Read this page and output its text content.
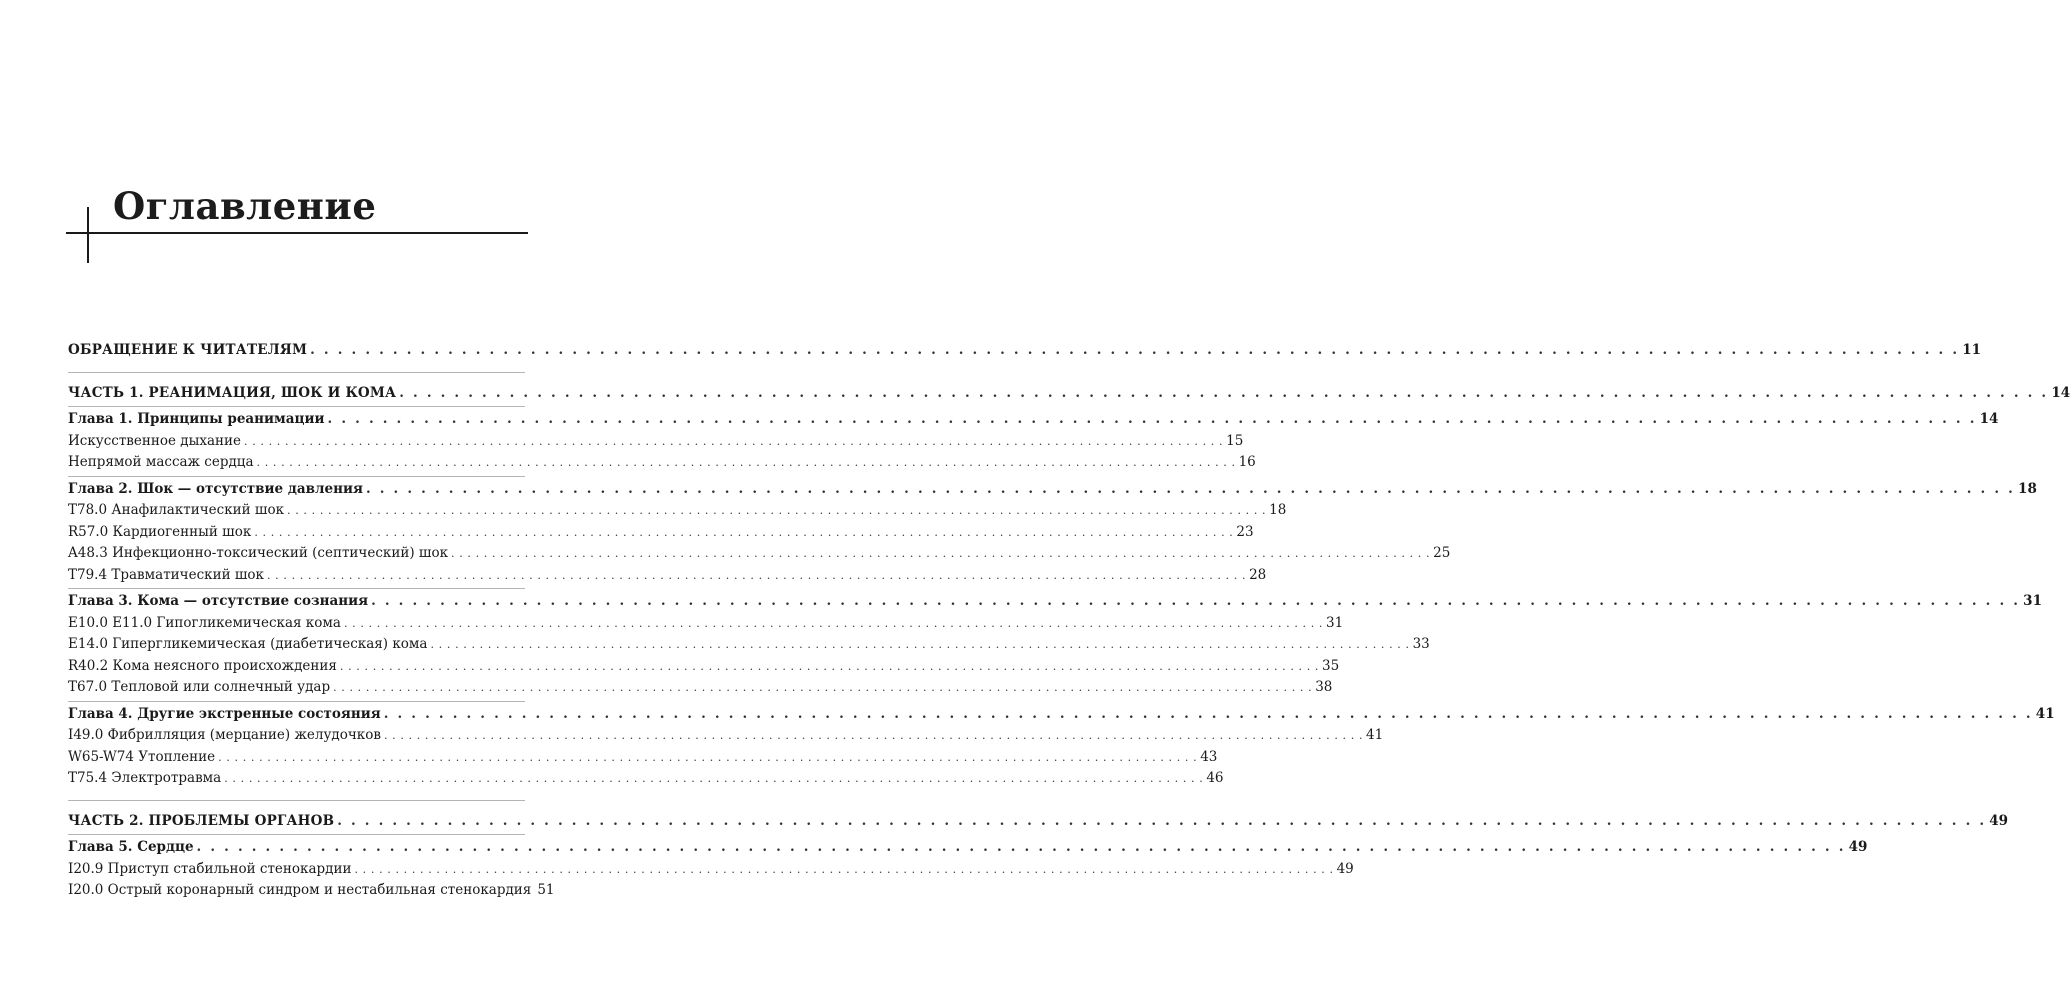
Оглавление
ОБРАЩЕНИЕ К ЧИТАТЕЛЯМ . . . . . . . . . . . . . . . . . . . . . . . . . . . . . . . . . . . . . . . . . . . . . . . . . . . . . . . . . . . . . . . . . . . . . . . . . . . . . . . . . . . . . . . . . . . . . . . . . . . . . . . . . . . . . . . . . . . . . . . . 11
ЧАСТЬ 1. РЕАНИМАЦИЯ, ШОК И КОМА . . . . . . . . . . . . . . . . . . . . . . . . . . . . . . . . . . . . . . . . . . . . . . . . . . . . . . . . . . . . . . . . . . . . . . . . . . . . . . . . . . . . . . . . . . . . . . . . . . . . . . . . . . . . . . . . . . . . . . . . 14
Глава 1. Принципы реанимации . . . . . . . . . . . . . . . . . . . . . . . . . . . . . . . . . . . . . . . . . . . . . . . . . . . . . . . . . . . . . . . . . . . . . . . . . . . . . . . . . . . . . . . . . . . . . . . . . . . . . . . . . . . . . . . . . . . . . . . . 14
Искусственное дыхание . . . . . . . . . . . . . . . . . . . . . . . . . . . . . . . . . . . . . . . . . . . . . . . . . . . . . . . . . . . . . . . . . . . . . . . . . . . . . . . . . . . . . . . . . . . . . . . . . . . . . . . . . . . . . . . . . . . . . . . . 15
Непрямой массаж сердца . . . . . . . . . . . . . . . . . . . . . . . . . . . . . . . . . . . . . . . . . . . . . . . . . . . . . . . . . . . . . . . . . . . . . . . . . . . . . . . . . . . . . . . . . . . . . . . . . . . . . . . . . . . . . . . . . . . . . . . . 16
Глава 2. Шок — отсутствие давления . . . . . . . . . . . . . . . . . . . . . . . . . . . . . . . . . . . . . . . . . . . . . . . . . . . . . . . . . . . . . . . . . . . . . . . . . . . . . . . . . . . . . . . . . . . . . . . . . . . . . . . . . . . . . . . . . . . . . . . . 18
T78.0 Анафилактический шок . . . . . . . . . . . . . . . . . . . . . . . . . . . . . . . . . . . . . . . . . . . . . . . . . . . . . . . . . . . . . . . . . . . . . . . . . . . . . . . . . . . . . . . . . . . . . . . . . . . . . . . . . . . . . . . . . . . . . . . . 18
R57.0 Кардиогенный шок . . . . . . . . . . . . . . . . . . . . . . . . . . . . . . . . . . . . . . . . . . . . . . . . . . . . . . . . . . . . . . . . . . . . . . . . . . . . . . . . . . . . . . . . . . . . . . . . . . . . . . . . . . . . . . . . . . . . . . . . 23
A48.3 Инфекционно-токсический (септический) шок . . . . . . . . . . . . . . . . . . . . . . . . . . . . . . . . . . . . . . . . . . . . . . . . . . . . . . . . . . . . . . . . . . . . . . . . . . . . . . . . . . . . . . . . . . . . . . . . . . . . . . . . . . . . . . . . . . . . . . . . 25
T79.4 Травматический шок . . . . . . . . . . . . . . . . . . . . . . . . . . . . . . . . . . . . . . . . . . . . . . . . . . . . . . . . . . . . . . . . . . . . . . . . . . . . . . . . . . . . . . . . . . . . . . . . . . . . . . . . . . . . . . . . . . . . . . . . 28
Глава 3. Кома — отсутствие сознания . . . . . . . . . . . . . . . . . . . . . . . . . . . . . . . . . . . . . . . . . . . . . . . . . . . . . . . . . . . . . . . . . . . . . . . . . . . . . . . . . . . . . . . . . . . . . . . . . . . . . . . . . . . . . . . . . . . . . . . . 31
E10.0 E11.0 Гипогликемическая кома . . . . . . . . . . . . . . . . . . . . . . . . . . . . . . . . . . . . . . . . . . . . . . . . . . . . . . . . . . . . . . . . . . . . . . . . . . . . . . . . . . . . . . . . . . . . . . . . . . . . . . . . . . . . . . . . . . . . . . . . 31
E14.0 Гипергликемическая (диабетическая) кома . . . . . . . . . . . . . . . . . . . . . . . . . . . . . . . . . . . . . . . . . . . . . . . . . . . . . . . . . . . . . . . . . . . . . . . . . . . . . . . . . . . . . . . . . . . . . . . . . . . . . . . . . . . . . . . . . . . . . . . . 33
R40.2 Кома неясного происхождения . . . . . . . . . . . . . . . . . . . . . . . . . . . . . . . . . . . . . . . . . . . . . . . . . . . . . . . . . . . . . . . . . . . . . . . . . . . . . . . . . . . . . . . . . . . . . . . . . . . . . . . . . . . . . . . . . . . . . . . . 35
T67.0 Тепловой или солнечный удар . . . . . . . . . . . . . . . . . . . . . . . . . . . . . . . . . . . . . . . . . . . . . . . . . . . . . . . . . . . . . . . . . . . . . . . . . . . . . . . . . . . . . . . . . . . . . . . . . . . . . . . . . . . . . . . . . . . . . . . . 38
Глава 4. Другие экстренные состояния . . . . . . . . . . . . . . . . . . . . . . . . . . . . . . . . . . . . . . . . . . . . . . . . . . . . . . . . . . . . . . . . . . . . . . . . . . . . . . . . . . . . . . . . . . . . . . . . . . . . . . . . . . . . . . . . . . . . . . . . 41
I49.0 Фибрилляция (мерцание) желудочков . . . . . . . . . . . . . . . . . . . . . . . . . . . . . . . . . . . . . . . . . . . . . . . . . . . . . . . . . . . . . . . . . . . . . . . . . . . . . . . . . . . . . . . . . . . . . . . . . . . . . . . . . . . . . . . . . . . . . . . . 41
W65-W74 Утопление . . . . . . . . . . . . . . . . . . . . . . . . . . . . . . . . . . . . . . . . . . . . . . . . . . . . . . . . . . . . . . . . . . . . . . . . . . . . . . . . . . . . . . . . . . . . . . . . . . . . . . . . . . . . . . . . . . . . . . . . 43
T75.4 Электротравма . . . . . . . . . . . . . . . . . . . . . . . . . . . . . . . . . . . . . . . . . . . . . . . . . . . . . . . . . . . . . . . . . . . . . . . . . . . . . . . . . . . . . . . . . . . . . . . . . . . . . . . . . . . . . . . . . . . . . . . . 46
ЧАСТЬ 2. ПРОБЛЕМЫ ОРГАНОВ . . . . . . . . . . . . . . . . . . . . . . . . . . . . . . . . . . . . . . . . . . . . . . . . . . . . . . . . . . . . . . . . . . . . . . . . . . . . . . . . . . . . . . . . . . . . . . . . . . . . . . . . . . . . . . . . . . . . . . . . 49
Глава 5. Сердце . . . . . . . . . . . . . . . . . . . . . . . . . . . . . . . . . . . . . . . . . . . . . . . . . . . . . . . . . . . . . . . . . . . . . . . . . . . . . . . . . . . . . . . . . . . . . . . . . . . . . . . . . . . . . . . . . . . . . . . . 49
I20.9 Приступ стабильной стенокардии . . . . . . . . . . . . . . . . . . . . . . . . . . . . . . . . . . . . . . . . . . . . . . . . . . . . . . . . . . . . . . . . . . . . . . . . . . . . . . . . . . . . . . . . . . . . . . . . . . . . . . . . . . . . . . . . . . . . . . . . 49
I20.0 Острый коронарный синдром и нестабильная стенокардия 51
